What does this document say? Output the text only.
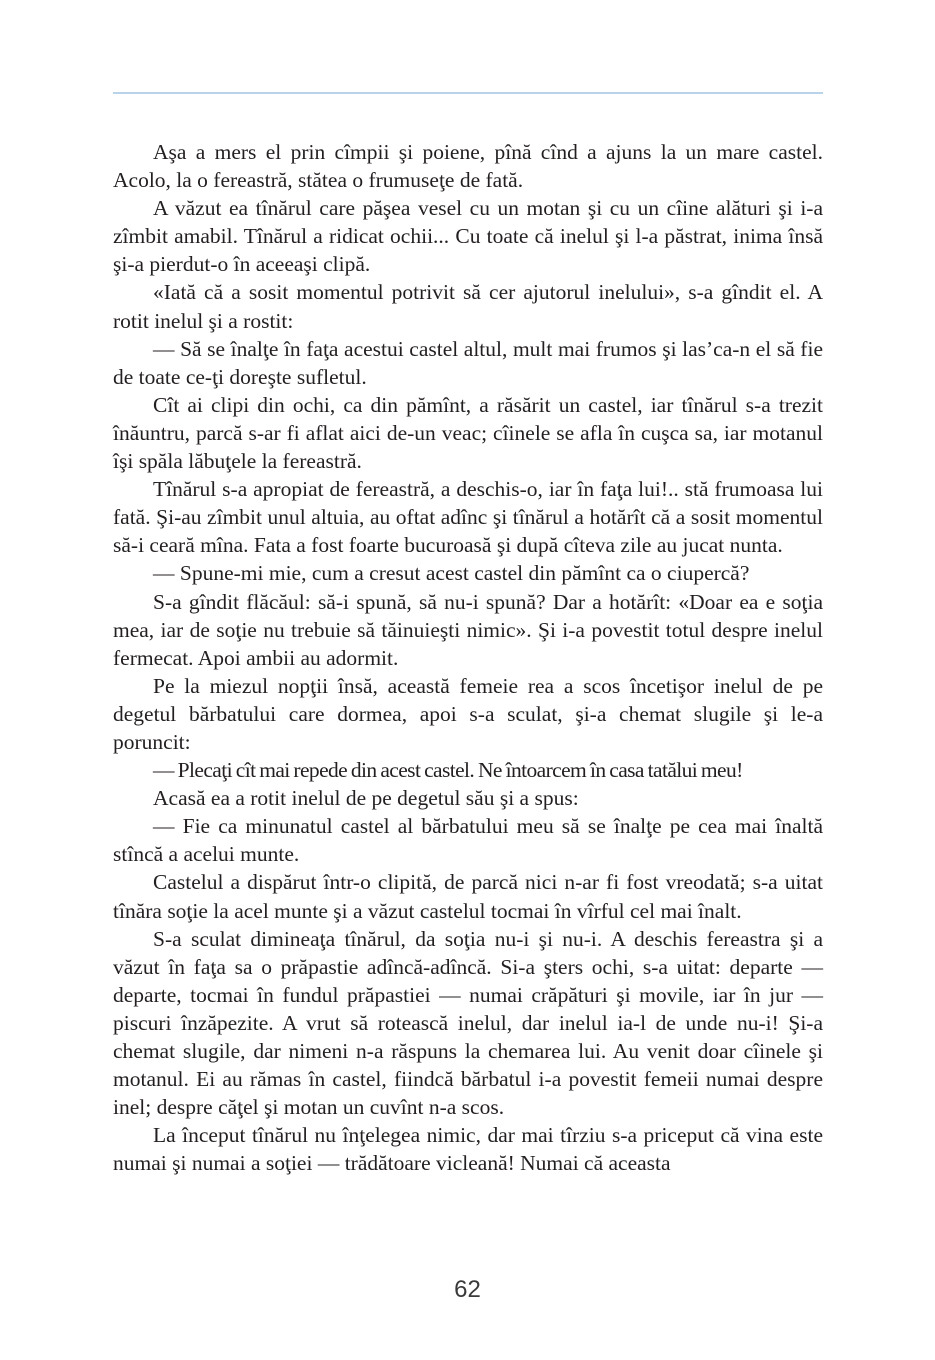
Aşa a mers el prin cîmpii şi poiene, pînă cînd a ajuns la un mare castel. Acolo, la o fereastră, stătea o frumuseţe de fată.

A văzut ea tînărul care păşea vesel cu un motan şi cu un cîine alături şi i-a zîmbit amabil. Tînărul a ridicat ochii... Cu toate că inelul şi l-a păstrat, inima însă şi-a pierdut-o în aceeaşi clipă.

«Iată că a sosit momentul potrivit să cer ajutorul inelului», s-a gîndit el. A rotit inelul şi a rostit:

— Să se înalţe în faţa acestui castel altul, mult mai frumos şi las’ca-n el să fie de toate ce-ţi doreşte sufletul.

Cît ai clipi din ochi, ca din pămînt, a răsărit un castel, iar tînărul s-a trezit înăuntru, parcă s-ar fi aflat aici de-un veac; cîinele se afla în cuşca sa, iar motanul îşi spăla lăbuţele la fereastră.

Tînărul s-a apropiat de fereastră, a deschis-o, iar în faţa lui!.. stă frumoasa lui fată. Şi-au zîmbit unul altuia, au oftat adînc şi tînărul a hotărît că a sosit momentul să-i ceară mîna. Fata a fost foarte bucuroasă şi după cîteva zile au jucat nunta.

— Spune-mi mie, cum a cresut acest castel din pămînt ca o ciupercă?

S-a gîndit flăcăul: să-i spună, să nu-i spună? Dar a hotărît: «Doar ea e soţia mea, iar de soţie nu trebuie să tăinuieşti nimic». Şi i-a povestit totul despre inelul fermecat. Apoi ambii au adormit.

Pe la miezul nopţii însă, această femeie rea a scos încetişor inelul de pe degetul bărbatului care dormea, apoi s-a sculat, şi-a chemat slugile şi le-a poruncit:

— Plecaţi cît mai repede din acest castel. Ne întoarcem în casa tatălui meu!

Acasă ea a rotit inelul de pe degetul său şi a spus:

— Fie ca minunatul castel al bărbatului meu să se înalţe pe cea mai înaltă stîncă a acelui munte.

Castelul a dispărut într-o clipită, de parcă nici n-ar fi fost vreodată; s-a uitat tînăra soţie la acel munte şi a văzut castelul tocmai în vîrful cel mai înalt.

S-a sculat dimineaţa tînărul, da soţia nu-i şi nu-i. A deschis fereastra şi a văzut în faţa sa o prăpastie adîncă-adîncă. Si-a şters ochi, s-a uitat: departe — departe, tocmai în fundul prăpastiei — numai crăpături şi movile, iar în jur — piscuri înzăpezite. A vrut să rotească inelul, dar inelul ia-l de unde nu-i! Şi-a chemat slugile, dar nimeni n-a răspuns la chemarea lui. Au venit doar cîinele şi motanul. Ei au rămas în castel, fiindcă bărbatul i-a povestit femeii numai despre inel; despre căţel şi motan un cuvînt n-a scos.

La început tînărul nu înţelegea nimic, dar mai tîrziu s-a priceput că vina este numai şi numai a soţiei — trădătoare vicleană! Numai că aceasta

62
